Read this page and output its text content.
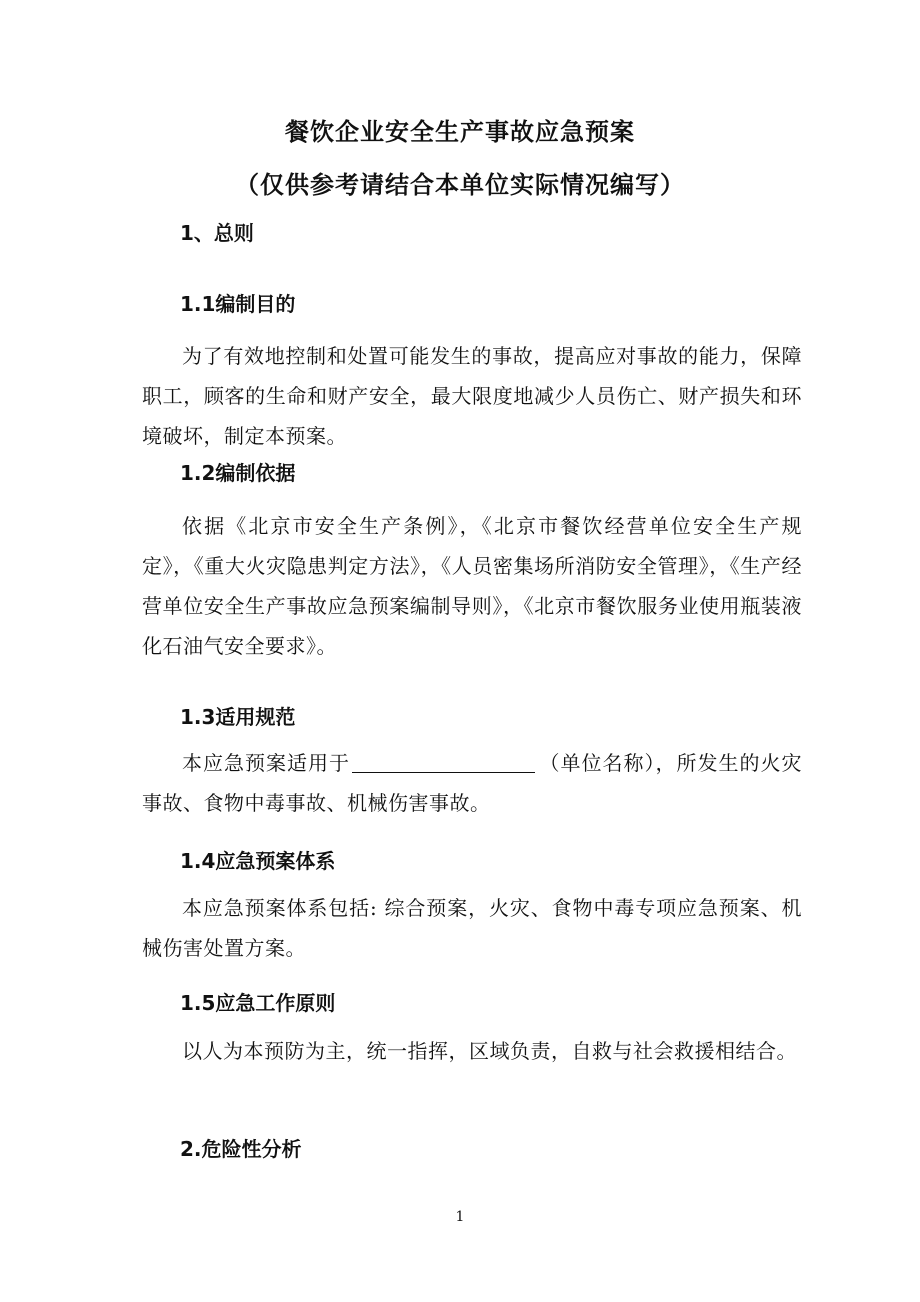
餐饮企业安全生产事故应急预案
（仅供参考请结合本单位实际情况编写）
1、总则
1.1编制目的
为了有效地控制和处置可能发生的事故，提高应对事故的能力，保障职工，顾客的生命和财产安全，最大限度地减少人员伤亡、财产损失和环境破坏，制定本预案。
1.2编制依据
依据《北京市安全生产条例》，《北京市餐饮经营单位安全生产规定》，《重大火灾隐患判定方法》，《人员密集场所消防安全管理》，《生产经营单位安全生产事故应急预案编制导则》，《北京市餐饮服务业使用瓶装液化石油气安全要求》。
1.3适用规范
本应急预案适用于	（单位名称），所发生的火灾事故、食物中毒事故、机械伤害事故。
1.4应急预案体系
本应急预案体系包括: 综合预案，火灾、食物中毒专项应急预案、机械伤害处置方案。
1.5应急工作原则
以人为本预防为主，统一指挥，区域负责，自救与社会救援相结合。
2.危险性分析
1
